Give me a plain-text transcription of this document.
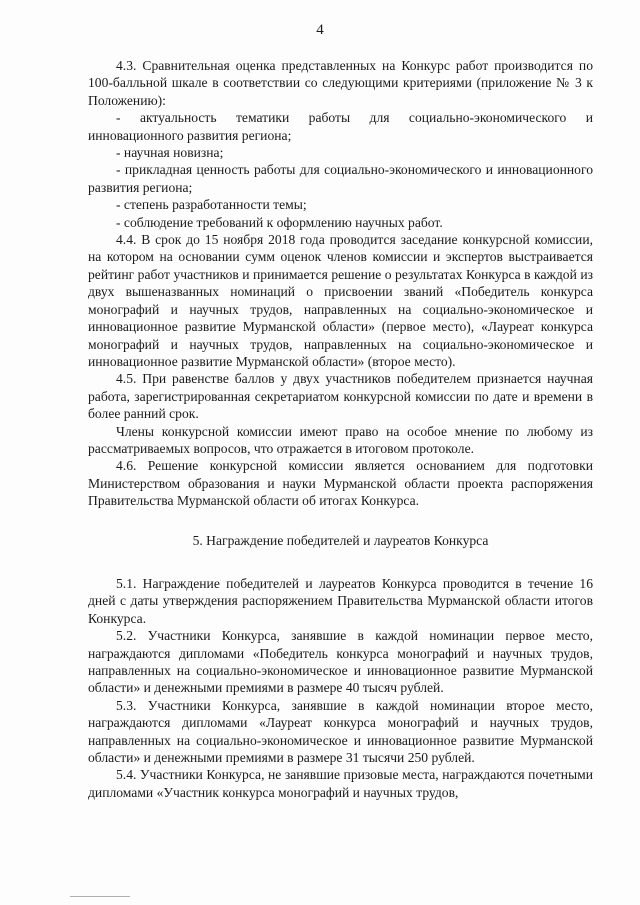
4

4.3. Сравнительная оценка представленных на Конкурс работ производится по 100-балльной шкале в соответствии со следующими критериями (приложение № 3 к Положению):

- актуальность тематики работы для социально-экономического и инновационного развития региона;

- научная новизна;

- прикладная ценность работы для социально-экономического и инновационного развития региона;

- степень разработанности темы;

- соблюдение требований к оформлению научных работ.

4.4. В срок до 15 ноября 2018 года проводится заседание конкурсной комиссии, на котором на основании сумм оценок членов комиссии и экспертов выстраивается рейтинг работ участников и принимается решение о результатах Конкурса в каждой из двух вышеназванных номинаций о присвоении званий «Победитель конкурса монографий и научных трудов, направленных на социально-экономическое и инновационное развитие Мурманской области» (первое место), «Лауреат конкурса монографий и научных трудов, направленных на социально-экономическое и инновационное развитие Мурманской области» (второе место).

4.5. При равенстве баллов у двух участников победителем признается научная работа, зарегистрированная секретариатом конкурсной комиссии по дате и времени в более ранний срок.

Члены конкурсной комиссии имеют право на особое мнение по любому из рассматриваемых вопросов, что отражается в итоговом протоколе.

4.6. Решение конкурсной комиссии является основанием для подготовки Министерством образования и науки Мурманской области проекта распоряжения Правительства Мурманской области об итогах Конкурса.

5. Награждение победителей и лауреатов Конкурса

5.1. Награждение победителей и лауреатов Конкурса проводится в течение 16 дней с даты утверждения распоряжением Правительства Мурманской области итогов Конкурса.

5.2. Участники Конкурса, занявшие в каждой номинации первое место, награждаются дипломами «Победитель конкурса монографий и научных трудов, направленных на социально-экономическое и инновационное развитие Мурманской области» и денежными премиями в размере 40 тысяч рублей.

5.3. Участники Конкурса, занявшие в каждой номинации второе место, награждаются дипломами «Лауреат конкурса монографий и научных трудов, направленных на социально-экономическое и инновационное развитие Мурманской области» и денежными премиями в размере 31 тысячи 250 рублей.

5.4. Участники Конкурса, не занявшие призовые места, награждаются почетными дипломами «Участник конкурса монографий и научных трудов,
